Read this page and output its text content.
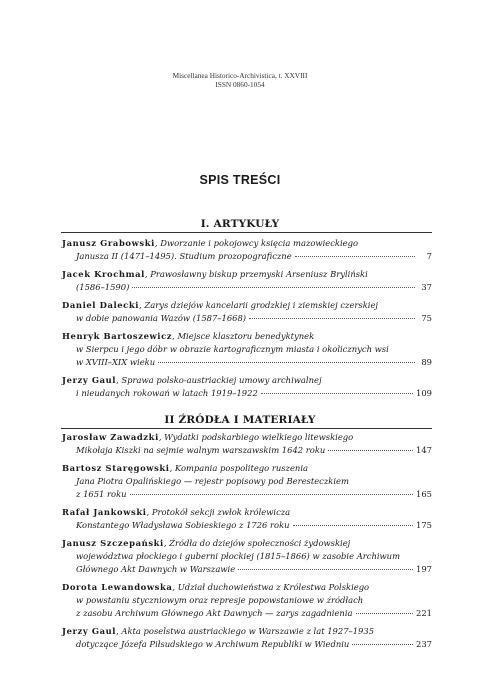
Miscellanea Historico-Archivistica, t. XXVIII
ISSN 0860-1054
SPIS TREŚCI
I. ARTYKUŁY
Janusz Grabowski, Dworzanie i pokojowcy księcia mazowieckiego
Janusza II (1471–1495). Studium prozopograficzne	7
Jacek Krochmal, Prawosławny biskup przemyski Arseniusz Bryliński
(1586–1590)	37
Daniel Dalecki, Zarys dziejów kancelarii grodzkiej i ziemskiej czerskiej
w dobie panowania Wazów (1587–1668)	75
Henryk Bartoszewicz, Miejsce klasztoru benedyktynek
w Sierpcu i jego dóbr w obrazie kartograficznym miasta i okolicznych wsi
w XVIII–XIX wieku	89
Jerzy Gaul, Sprawa polsko-austriackiej umowy archiwalnej
i nieudanych rokowań w latach 1919–1922	109
II ŹRÓDŁA I MATERIAŁY
Jarosław Zawadzki, Wydatki podskarbiego wielkiego litewskiego
Mikołaja Kiszki na sejmie walnym warszawskim 1642 roku	147
Bartosz Staręgowski, Kompania pospolitego ruszenia
Jana Piotra Opalińskiego — rejestr popisowy pod Beresteczkiem
z 1651 roku	165
Rafał Jankowski, Protokół sekcji zwłok królewicza
Konstantego Władysława Sobieskiego z 1726 roku	175
Janusz Szczepański, Źródła do dziejów społeczności żydowskiej
województwa płockiego i guberni płockiej (1815–1866) w zasobie Archiwum
Głównego Akt Dawnych w Warszawie	197
Dorota Lewandowska, Udział duchowieństwa z Królestwa Polskiego
w powstaniu styczniowym oraz represje popowstaniowe w źródłach
z zasobu Archiwum Głównego Akt Dawnych — zarys zagadnienia	221
Jerzy Gaul, Akta poselstwa austriackiego w Warszawie z lat 1927–1935
dotyczące Józefa Piłsudskiego w Archiwum Republiki w Wiedniu	237
